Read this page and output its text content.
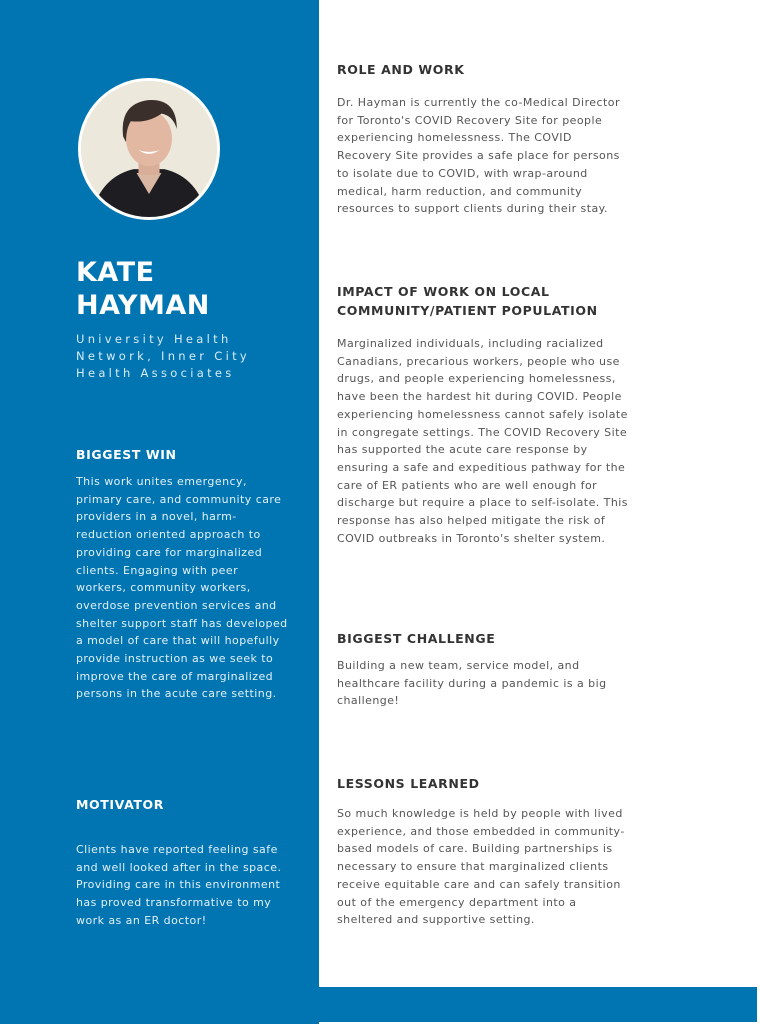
KATE
HAYMAN
University Health Network, Inner City Health Associates
BIGGEST WIN
This work unites emergency, primary care, and community care providers in a novel, harm-reduction oriented approach to providing care for marginalized clients. Engaging with peer workers, community workers, overdose prevention services and shelter support staff has developed a model of care that will hopefully provide instruction as we seek to improve the care of marginalized persons in the acute care setting.
MOTIVATOR
Clients have reported feeling safe and well looked after in the space. Providing care in this environment has proved transformative to my work as an ER doctor!
ROLE AND WORK
Dr. Hayman is currently the co-Medical Director for Toronto's COVID Recovery Site for people experiencing homelessness. The COVID Recovery Site provides a safe place for persons to isolate due to COVID, with wrap-around medical, harm reduction, and community resources to support clients during their stay.
IMPACT OF WORK ON LOCAL COMMUNITY/PATIENT POPULATION
Marginalized individuals, including racialized Canadians, precarious workers, people who use drugs, and people experiencing homelessness, have been the hardest hit during COVID. People experiencing homelessness cannot safely isolate in congregate settings. The COVID Recovery Site has supported the acute care response by ensuring a safe and expeditious pathway for the care of ER patients who are well enough for discharge but require a place to self-isolate. This response has also helped mitigate the risk of COVID outbreaks in Toronto's shelter system.
BIGGEST CHALLENGE
Building a new team, service model, and healthcare facility during a pandemic is a big challenge!
LESSONS LEARNED
So much knowledge is held by people with lived experience, and those embedded in community-based models of care. Building partnerships is necessary to ensure that marginalized clients receive equitable care and can safely transition out of the emergency department into a sheltered and supportive setting.
